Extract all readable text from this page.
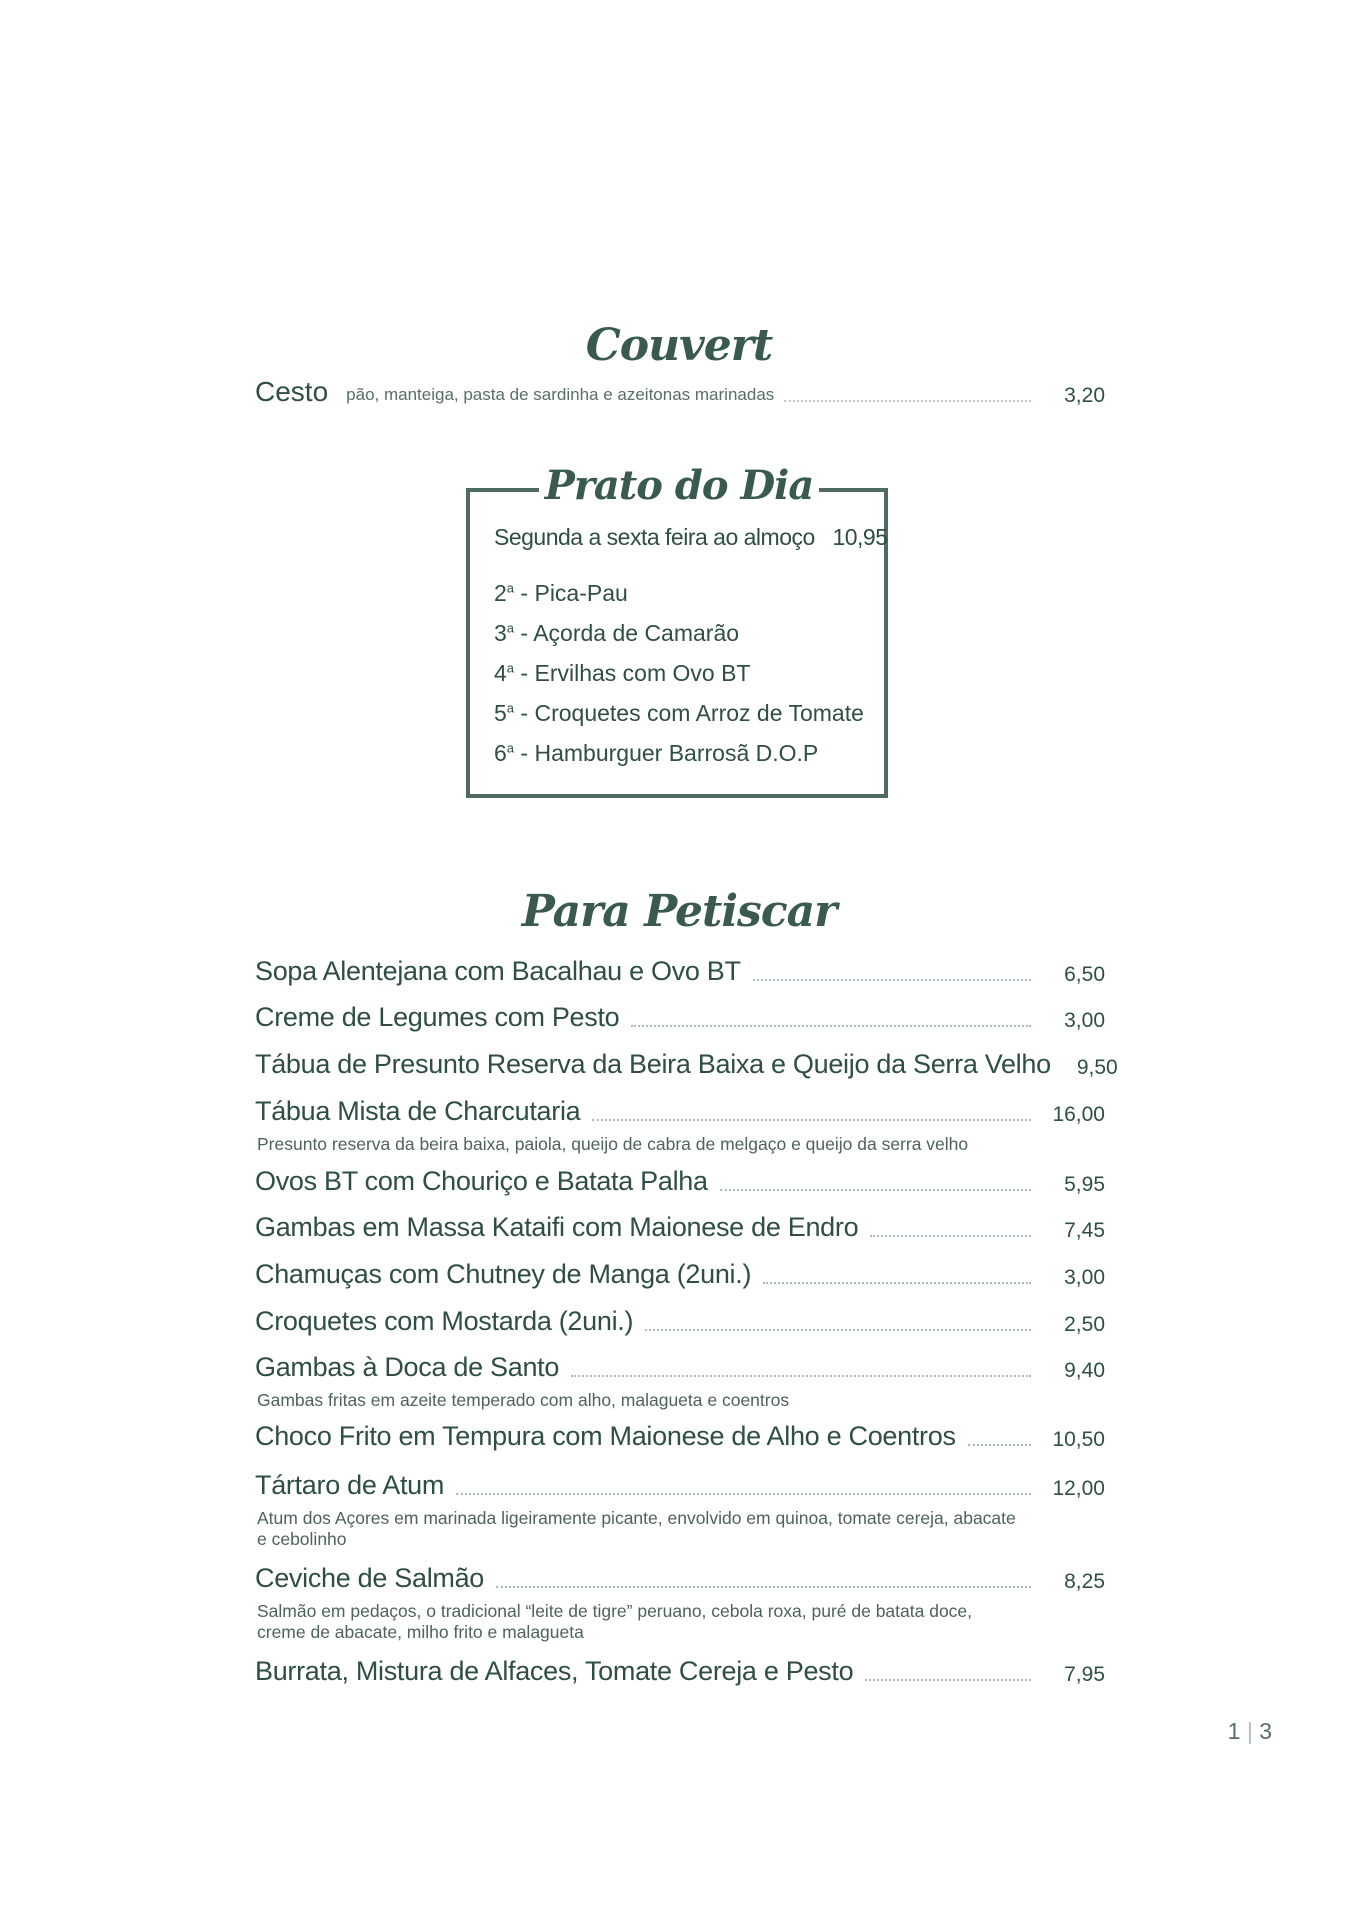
Couvert
Cesto pão, manteiga, pasta de sardinha e azeitonas marinadas	3,20
Prato do Dia
Segunda a sexta feira ao almoço 10,95
2$^a$ - Pica-Pau
3$^a$ - Açorda de Camarão
4$^a$ - Ervilhas com Ovo BT
5$^a$ - Croquetes com Arroz de Tomate
6$^a$ - Hamburguer Barrosã D.O.P
Para Petiscar
Sopa Alentejana com Bacalhau e Ovo BT	6,50
Creme de Legumes com Pesto	3,00
Tábua de Presunto Reserva da Beira Baixa e Queijo da Serra Velho 9,50
Tábua Mista de Charcutaria	16,00
Presunto reserva da beira baixa, paiola, queijo de cabra de melgaço e queijo da serra velho
Ovos BT com Chouriço e Batata Palha	5,95
Gambas em Massa Kataifi com Maionese de Endro	7,45
Chamuças com Chutney de Manga (2uni.)	3,00
Croquetes com Mostarda (2uni.)	2,50
Gambas à Doca de Santo	9,40
Gambas fritas em azeite temperado com alho, malagueta e coentros
Choco Frito em Tempura com Maionese de Alho e Coentros	10,50
Tártaro de Atum	12,00
Atum dos Açores em marinada ligeiramente picante, envolvido em quinoa, tomate cereja, abacate e cebolinho
Ceviche de Salmão	8,25
Salmão em pedaços, o tradicional “leite de tigre” peruano, cebola roxa, puré de batata doce, creme de abacate, milho frito e malagueta
Burrata, Mistura de Alfaces, Tomate Cereja e Pesto	7,95
1 | 3
